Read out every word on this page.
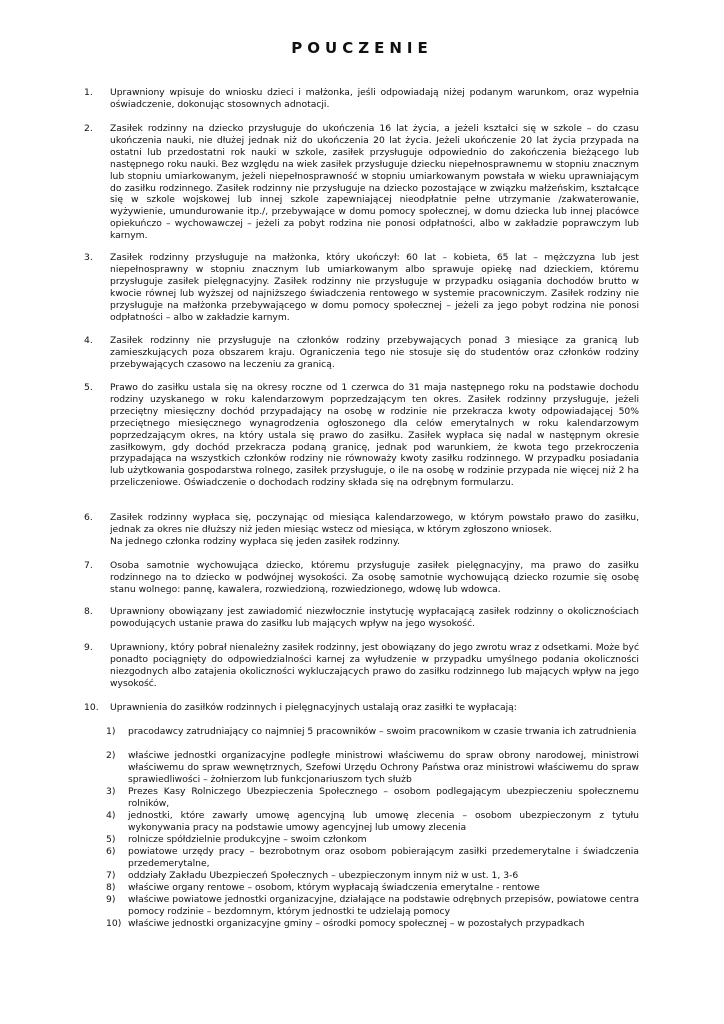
POUCZENIE
1.	Uprawniony wpisuje do wniosku dzieci i małżonka, jeśli odpowiadają niżej podanym warunkom, oraz wypełnia oświadczenie, dokonując stosownych adnotacji.

2.	Zasiłek rodzinny na dziecko przysługuje do ukończenia 16 lat życia, a jeżeli kształci się w szkole – do czasu ukończenia nauki, nie dłużej jednak niż do ukończenia 20 lat życia. Jeżeli ukończenie 20 lat życia przypada na ostatni lub przedostatni rok nauki w szkole, zasiłek przysługuje odpowiednio do zakończenia bieżącego lub następnego roku nauki. Bez względu na wiek zasiłek przysługuje dziecku niepełnosprawnemu w stopniu znacznym lub stopniu umiarkowanym, jeżeli niepełnosprawność w stopniu umiarkowanym powstała w wieku uprawniającym do zasiłku rodzinnego. Zasiłek rodzinny nie przysługuje na dziecko pozostające w związku małżeńskim, kształcące się w szkole wojskowej lub innej szkole zapewniającej nieodpłatnie pełne utrzymanie /zakwaterowanie, wyżywienie, umundurowanie itp./, przebywające w domu pomocy społecznej, w domu dziecka lub innej placówce opiekuńczo – wychowawczej – jeżeli za pobyt rodzina nie ponosi odpłatności, albo w zakładzie poprawczym lub karnym.

3.	Zasiłek rodzinny przysługuje na małżonka, który ukończył: 60 lat – kobieta, 65 lat – mężczyzna lub jest niepełnosprawny w stopniu znacznym lub umiarkowanym albo sprawuje opiekę nad dzieckiem, któremu przysługuje zasiłek pielęgnacyjny. Zasiłek rodzinny nie przysługuje w przypadku osiągania dochodów brutto w kwocie równej lub wyższej od najniższego świadczenia rentowego w systemie pracowniczym. Zasiłek rodziny nie przysługuje na małżonka przebywającego w domu pomocy społecznej – jeżeli za jego pobyt rodzina nie ponosi odpłatności – albo w zakładzie karnym.

4.	Zasiłek rodzinny nie przysługuje na członków rodziny przebywających ponad 3 miesiące za granicą lub zamieszkujących poza obszarem kraju. Ograniczenia tego nie stosuje się do studentów oraz członków rodziny przebywających czasowo na leczeniu za granicą.

5.	Prawo do zasiłku ustala się na okresy roczne od 1 czerwca do 31 maja następnego roku na podstawie dochodu rodziny uzyskanego w roku kalendarzowym poprzedzającym ten okres. Zasiłek rodzinny przysługuje, jeżeli przeciętny miesięczny dochód przypadający na osobę w rodzinie nie przekracza kwoty odpowiadającej 50% przeciętnego miesięcznego wynagrodzenia ogłoszonego dla celów emerytalnych w roku kalendarzowym poprzedzającym okres, na który ustala się prawo do zasiłku. Zasiłek wypłaca się nadal w następnym okresie zasiłkowym, gdy dochód przekracza podaną granicę, jednak pod warunkiem, że kwota tego przekroczenia przypadająca na wszystkich członków rodziny nie równoważy kwoty zasiłku rodzinnego. W przypadku posiadania lub użytkowania gospodarstwa rolnego, zasiłek przysługuje, o ile na osobę w rodzinie przypada nie więcej niż 2 ha przeliczeniowe. Oświadczenie o dochodach rodziny składa się na odrębnym formularzu.

6.	Zasiłek rodzinny wypłaca się, poczynając od miesiąca kalendarzowego, w którym powstało prawo do zasiłku, jednak za okres nie dłuższy niż jeden miesiąc wstecz od miesiąca, w którym zgłoszono wniosek.

Na jednego członka rodziny wypłaca się jeden zasiłek rodzinny.

7.	Osoba samotnie wychowująca dziecko, któremu przysługuje zasiłek pielęgnacyjny, ma prawo do zasiłku rodzinnego na to dziecko w podwójnej wysokości. Za osobę samotnie wychowującą dziecko rozumie się osobę stanu wolnego: pannę, kawalera, rozwiedzioną, rozwiedzionego, wdowę lub wdowca.

8.	Uprawniony obowiązany jest zawiadomić niezwłocznie instytucję wypłacającą zasiłek rodzinny o okolicznościach powodujących ustanie prawa do zasiłku lub mających wpływ na jego wysokość.

9.	Uprawniony, który pobrał nienależny zasiłek rodzinny, jest obowiązany do jego zwrotu wraz z odsetkami. Może być ponadto pociągnięty do odpowiedzialności karnej za wyłudzenie w przypadku umyślnego podania okoliczności niezgodnych albo zatajenia okoliczności wykluczających prawo do zasiłku rodzinnego lub mających wpływ na jego wysokość.

10.	Uprawnienia do zasiłków rodzinnych i pielęgnacyjnych ustalają oraz zasiłki te wypłacają:

1)	pracodawcy zatrudniający co najmniej 5 pracowników – swoim pracownikom w czasie trwania ich zatrudnienia
2)	właściwe jednostki organizacyjne podległe ministrowi właściwemu do spraw obrony narodowej, ministrowi właściwemu do spraw wewnętrznych, Szefowi Urzędu Ochrony Państwa oraz ministrowi właściwemu do spraw sprawiedliwości – żołnierzom lub funkcjonariuszom tych służb
3)	Prezes Kasy Rolniczego Ubezpieczenia Społecznego – osobom podlegającym ubezpieczeniu społecznemu rolników,
4)	jednostki, które zawarły umowę agencyjną lub umowę zlecenia – osobom ubezpieczonym z tytułu wykonywania pracy na podstawie umowy agencyjnej lub umowy zlecenia
5)	rolnicze spółdzielnie produkcyjne – swoim członkom
6)	powiatowe urzędy pracy – bezrobotnym oraz osobom pobierającym zasiłki przedemerytalne i świadczenia przedemerytalne,
7)	oddziały Zakładu Ubezpieczeń Społecznych – ubezpieczonym innym niż w ust. 1, 3-6
8)	właściwe organy rentowe – osobom, którym wypłacają świadczenia emerytalne - rentowe
9)	właściwe powiatowe jednostki organizacyjne, działające na podstawie odrębnych przepisów, powiatowe centra pomocy rodzinie – bezdomnym, którym jednostki te udzielają pomocy
10) właściwe jednostki organizacyjne gminy – ośrodki pomocy społecznej – w pozostałych przypadkach
